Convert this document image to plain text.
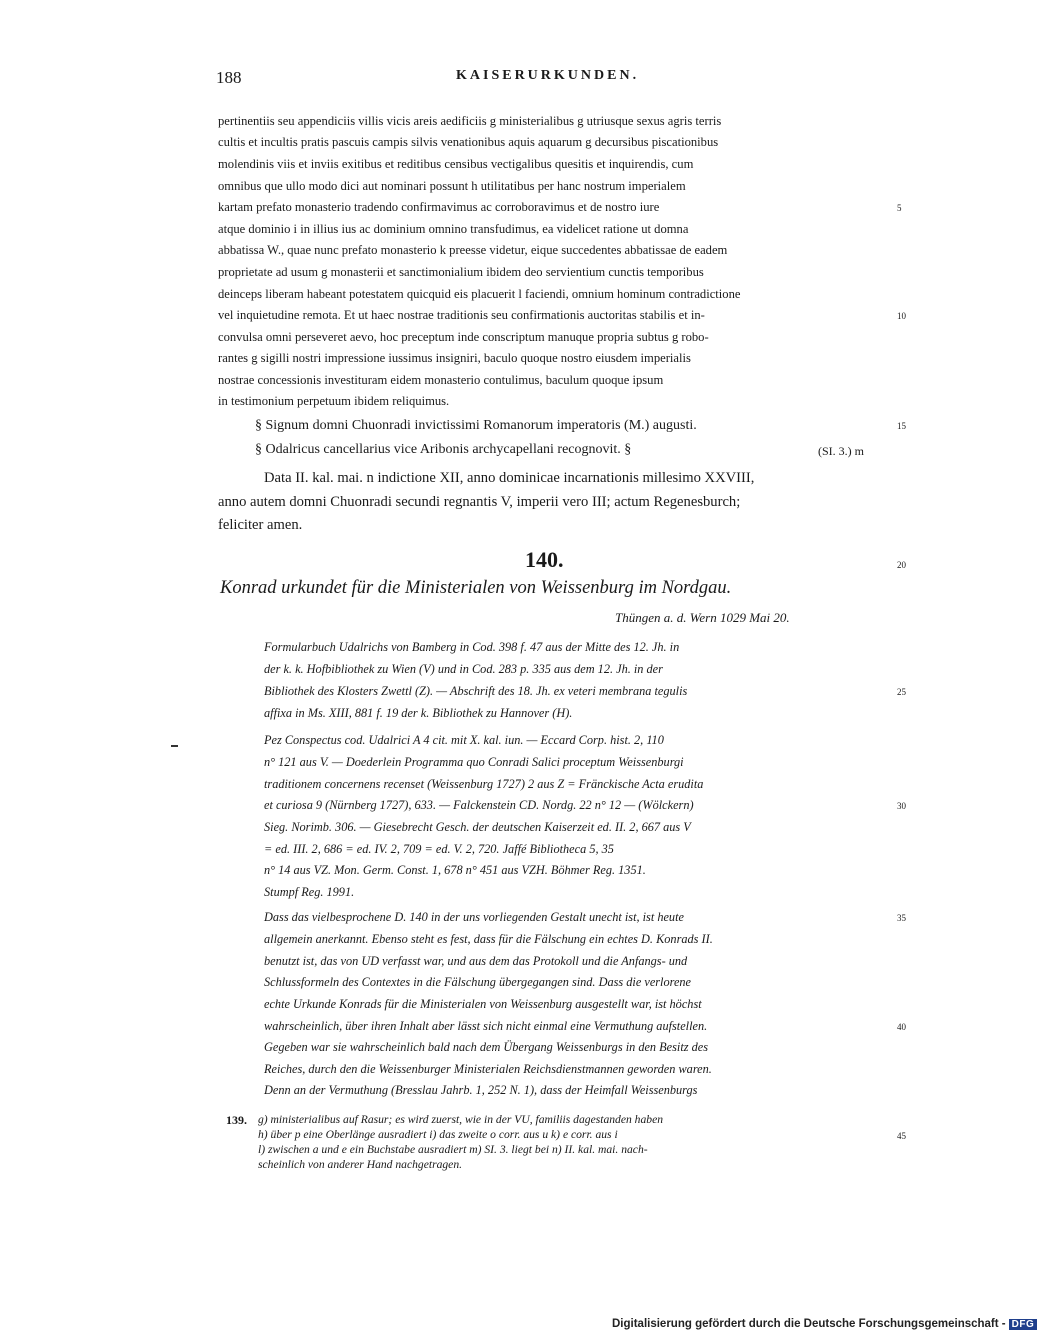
188	KAISERURKUNDEN.
pertinentiis seu appendiciis villis vicis areis aedificiis g ministerialibus g utriusque sexus agris terris
cultis et incultis pratis pascuis campis silvis venationibus aquis aquarum g decursibus piscationibus
molendinis viis et inviis exitibus et reditibus censibus vectigalibus quesitis et inquirendis, cum
omnibus que ullo modo dici aut nominari possunt h utilitatibus per hanc nostrum imperialem
kartam prefato monasterio tradendo confirmavimus ac corroboravimus et de nostro iure	5
atque dominio i in illius ius ac dominium omnino transfudimus, ea videlicet ratione ut domna
abbatissa W., quae nunc prefato monasterio k preesse videtur, eique succedentes abbatissae de eadem
proprietate ad usum g monasterii et sanctimonialium ibidem deo servientium cunctis temporibus
deinceps liberam habeant potestatem quicquid eis placuerit l faciendi, omnium hominum contradictione
vel inquietudine remota. Et ut haec nostrae traditionis seu confirmationis auctoritas stabilis et in-	10
convulsa omni perseveret aevo, hoc preceptum inde conscriptum manuque propria subtus g robo-
rantes g sigilli nostri impressione iussimus insigniri, baculo quoque nostro eiusdem imperialis
nostrae concessionis investituram eidem monasterio contulimus, baculum quoque ipsum
in testimonium perpetuum ibidem reliquimus.
§ Signum domni Chuonradi invictissimi Romanorum imperatoris (M.) augusti.	15
§ Odalricus cancellarius vice Aribonis archycapellani recognovit. §	(SI. 3.) m
Data II. kal. mai. n indictione XII, anno dominicae incarnationis millesimo XXVIII,
anno autem domni Chuonradi secundi regnantis V, imperii vero III; actum Regenesburch;
feliciter amen.
140.	20
Konrad urkundet für die Ministerialen von Weissenburg im Nordgau.
Thüngen a. d. Wern 1029 Mai 20.
Formularbuch Udalrichs von Bamberg in Cod. 398 f. 47 aus der Mitte des 12. Jh. in
der k. k. Hofbibliothek zu Wien (V) und in Cod. 283 p. 335 aus dem 12. Jh. in der
Bibliothek des Klosters Zwettl (Z). — Abschrift des 18. Jh. ex veteri membrana tegulis	25
affixa in Ms. XIII, 881 f. 19 der k. Bibliothek zu Hannover (H).
Pez Conspectus cod. Udalrici A 4 cit. mit X. kal. iun. — Eccard Corp. hist. 2, 110
n° 121 aus V. — Doederlein Programma quo Conradi Salici proceptum Weissenburgi
traditionem concernens recenset (Weissenburg 1727) 2 aus Z = Fränckische Acta erudita
et curiosa 9 (Nürnberg 1727), 633. — Falckenstein CD. Nordg. 22 n° 12 — (Wölckern)	30
Sieg. Norimb. 306. — Giesebrecht Gesch. der deutschen Kaiserzeit ed. II. 2, 667 aus V
= ed. III. 2, 686 = ed. IV. 2, 709 = ed. V. 2, 720. Jaffé Bibliotheca 5, 35
n° 14 aus VZ. Mon. Germ. Const. 1, 678 n° 451 aus VZH. Böhmer Reg. 1351.
Stumpf Reg. 1991.
Dass das vielbesprochene D. 140 in der uns vorliegenden Gestalt unecht ist, ist heute	35
allgemein anerkannt. Ebenso steht es fest, dass für die Fälschung ein echtes D. Konrads II.
benutzt ist, das von UD verfasst war, und aus dem das Protokoll und die Anfangs- und
Schlussformeln des Contextes in die Fälschung übergegangen sind. Dass die verlorene
echte Urkunde Konrads für die Ministerialen von Weissenburg ausgestellt war, ist höchst
wahrscheinlich, über ihren Inhalt aber lässt sich nicht einmal eine Vermuthung aufstellen.	40
Gegeben war sie wahrscheinlich bald nach dem Übergang Weissenburgs in den Besitz des
Reiches, durch den die Weissenburger Ministerialen Reichsdienstmannen geworden waren.
Denn an der Vermuthung (Bresslau Jahrb. 1, 252 N. 1), dass der Heimfall Weissenburgs
139. g) ministerialibus auf Rasur; es wird zuerst, wie in der VU, familiis dagestanden haben
h) über p eine Oberlänge ausradiert i) das zweite o corr. aus u k) e corr. aus i	45
l) zwischen a und e ein Buchstabe ausradiert m) SI. 3. liegt bei n) II. kal. mai. nach-
scheinlich von anderer Hand nachgetragen.
Digitalisierung gefördert durch die Deutsche Forschungsgemeinschaft - DFG
